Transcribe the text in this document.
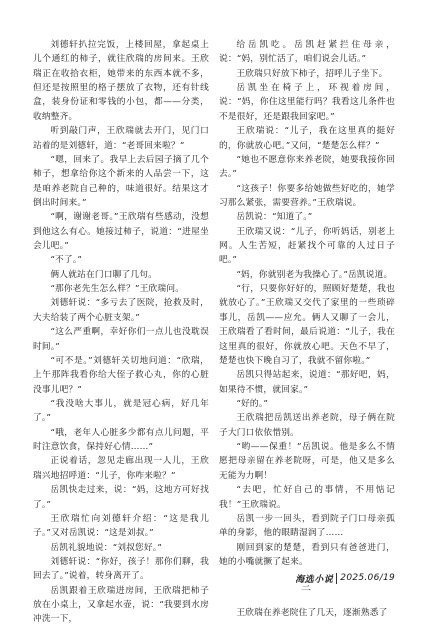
刘德轩扒拉完饭，上楼回屋，拿起桌上儿个通红的柿子，就往欣瑞的房间来。王欣瑞正在收拾衣柜，她带来的东西本就不多，但还是按照里的格子摆放了衣物，还有针线盒，装身份证和零钱的小包，都——分类，收纳整齐。

听到敲门声，王欣瑞就去开门，见门口站着的是刘德轩，道：“老哥回来啦？”

“嗯，回来了。我早上去后园子摘了几个柿子，想拿给你这个新来的人品尝一下，这是咱养老院自己种的，味道很好。结果这才倒出时间来。”

“啊，谢谢老哥。”王欣瑞有些感动，没想到他这么有心。她接过柿子，说道：“进屋坐会儿吧。”

“不了。”

俩人就站在门口聊了几句。

“那你老先生怎么样？”王欣瑞问。

刘德轩说：“多亏去了医院，抢救及时，大夫给装了两个心脏支架。”

“这么严重啊，幸好你们一点儿也没耽误时间。”

“可不是。”刘德轩关切地问道：“欣瑞，上午那阵我看你给大侄子救心丸，你的心脏没事儿吧？”

“我没啥大事儿，就是冠心病，好几年了。”

“哦，老年人心脏多少都有点儿问题，平时注意饮食，保持好心情……”

正说着话，忽见走廊出现一人儿，王欣瑞兴地招呼道：“儿子，你咋来啦？”

岳凯快走过来，说：“妈，这地方可好找了。”

王欣瑞忙向刘德轩介绍：“这是我儿子。”又对岳凯说：“这是刘叔。”

岳凯礼貌地说：“刘叔您好。”

刘德轩说：“你好，孩子！那你们聊，我回去了。”说着，转身离开了。

岳凯跟着王欣瑞进房间，王欣瑞把柿子放在小桌上，又拿起水壶，说：“我要到水房冲洗一下，

给岳凯吃。岳凯赶紧拦住母亲，说：“妈，别忙活了，咱们说会儿话。”

王欣瑞只好放下柿子，招呼儿子坐下。

岳凯坐在椅子上，环视着房间，说：“妈，你住这里能行吗？我看这儿条件也不是很好，还是跟我回家吧。”

王欣瑞说：“儿子，我在这里真的挺好的，你就放心吧。”又问，“楚楚怎么样？”

“她也不愿意你来养老院，她要我接你回去。”

“这孩子！你要多给她做些好吃的，她学习那么紧张，需要营养。”王欣瑞说。

岳凯说：“知道了。”

王欣瑞又说：“儿子，你听妈话，别老上网。人生苦短，赶紧找个可靠的人过日子吧。”

“妈，你就别老为我操心了。”岳凯说道。

“行，只要你好好的，照顾好楚楚，我也就放心了。”王欣瑞又交代了家里的一些琐碎事儿，岳凯——应允。俩人又聊了一会儿，王欣瑞看了看时间，最后说道：“儿子，我在这里真的很好，你就放心吧。天色不早了，楚楚也快下晚自习了，我就不留你啦。”

岳凯只得站起来，说道：“那好吧，妈，如果待不惯，就回家。”

“好的。”

王欣瑞把岳凯送出养老院，母子俩在院子大门口依依惜别。

“哟——保重！”岳凯说。他是多么不情愿把母亲留在养老院呀，可是，他又是多么无能为力啊！

“去吧，忙好自己的事情，不用惦记我！”王欣瑞说。

岳凯一步一回头，看到院子门口母亲孤单的身影，他的眼睛湿润了……

刚回到家的楚楚，看到只有爸爸进门，她的小嘴就撅了起来。

三

王欣瑞在养老院住了几天，逐渐熟悉了

海选小说 2025.06/19
